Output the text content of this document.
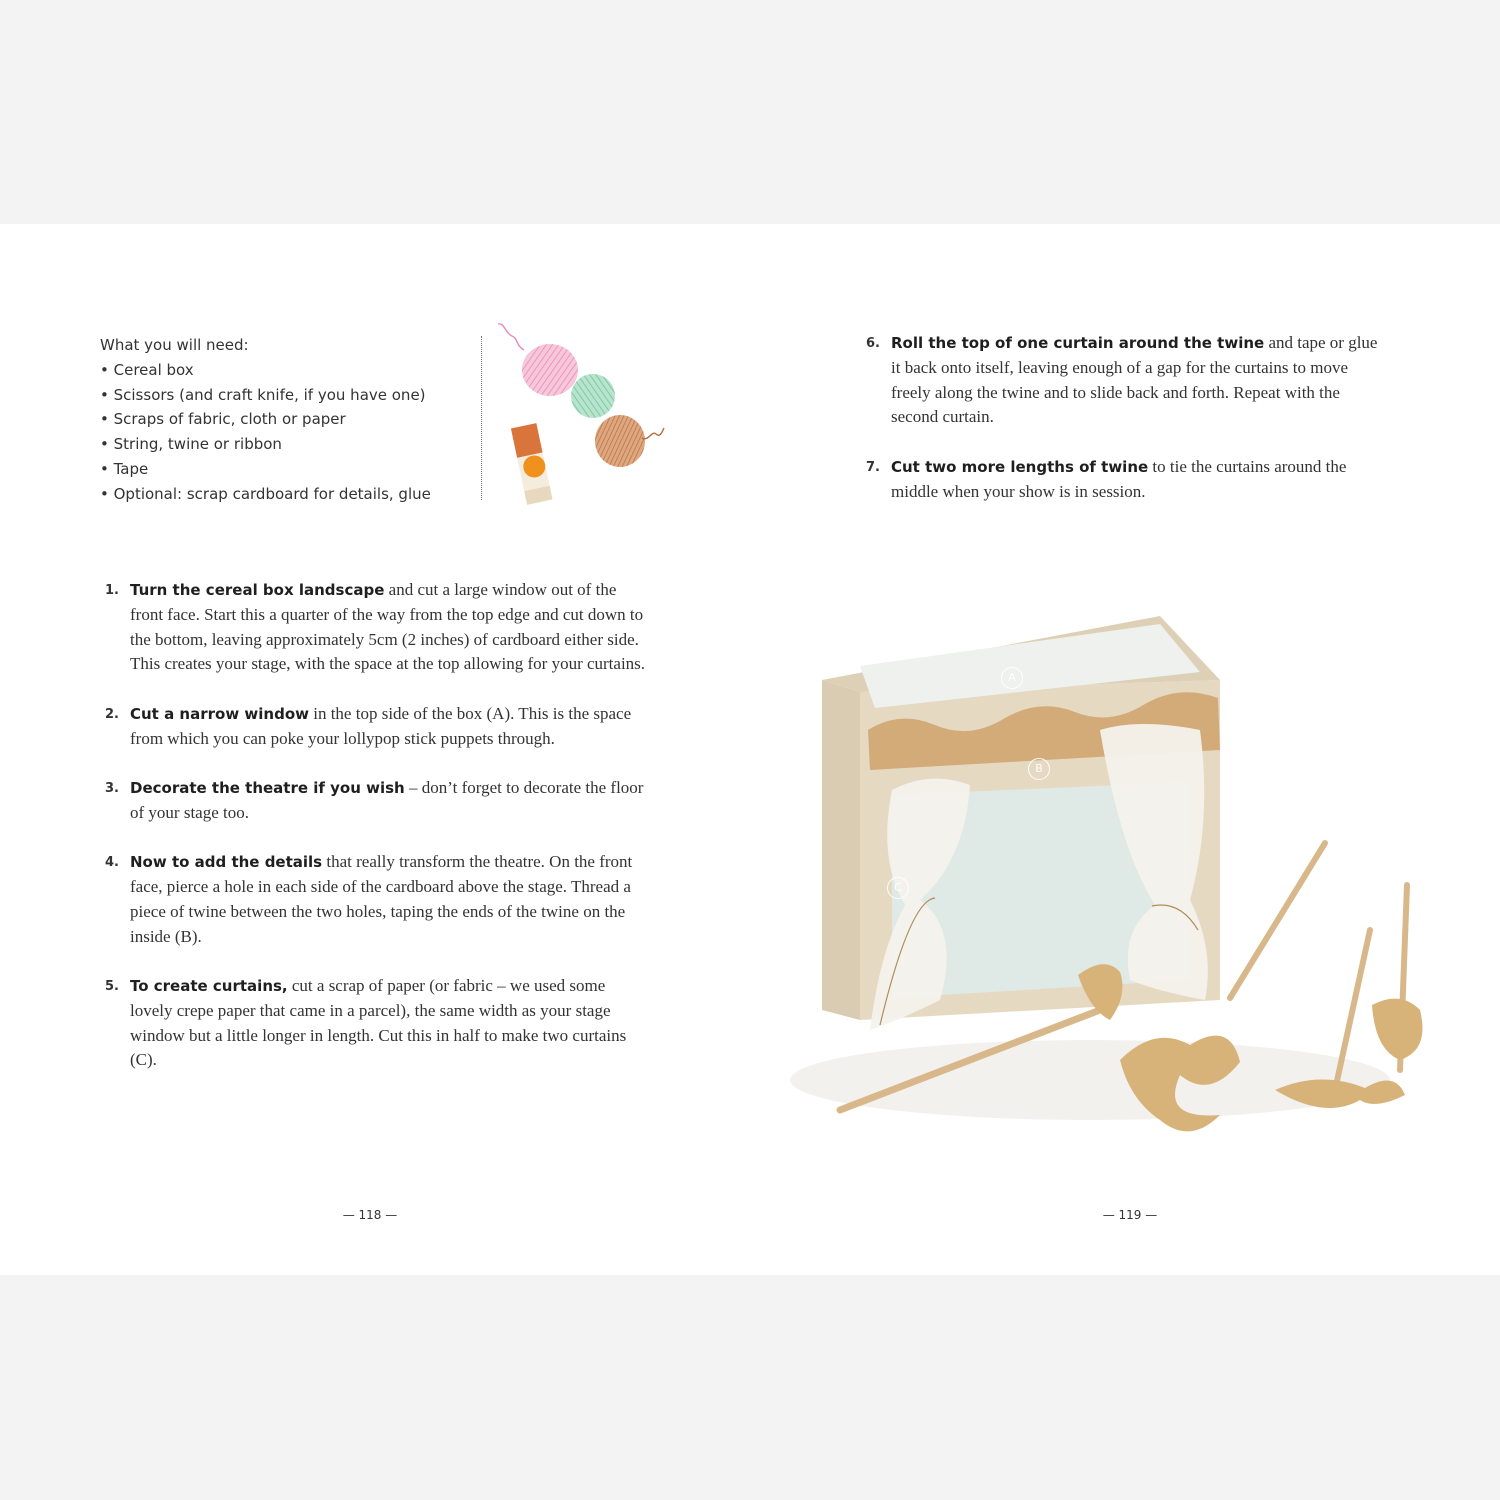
What you will need:

• Cereal box
• Scissors (and craft knife, if you have one)
• Scraps of fabric, cloth or paper
• String, twine or ribbon
• Tape
• Optional: scrap cardboard for details, glue
1. Turn the cereal box landscape and cut a large window out of the front face. Start this a quarter of the way from the top edge and cut down to the bottom, leaving approximately 5cm (2 inches) of cardboard either side. This creates your stage, with the space at the top allowing for your curtains.
2. Cut a narrow window in the top side of the box (A). This is the space from which you can poke your lollypop stick puppets through.
3. Decorate the theatre if you wish – don’t forget to decorate the floor of your stage too.
4. Now to add the details that really transform the theatre. On the front face, pierce a hole in each side of the cardboard above the stage. Thread a piece of twine between the two holes, taping the ends of the twine on the inside (B).
5. To create curtains, cut a scrap of paper (or fabric – we used some lovely crepe paper that came in a parcel), the same width as your stage window but a little longer in length. Cut this in half to make two curtains (C).
6. Roll the top of one curtain around the twine and tape or glue it back onto itself, leaving enough of a gap for the curtains to move freely along the twine and to slide back and forth. Repeat with the second curtain.
7. Cut two more lengths of twine to tie the curtains around the middle when your show is in session.
A
B
C
— 118 —	— 119 —
